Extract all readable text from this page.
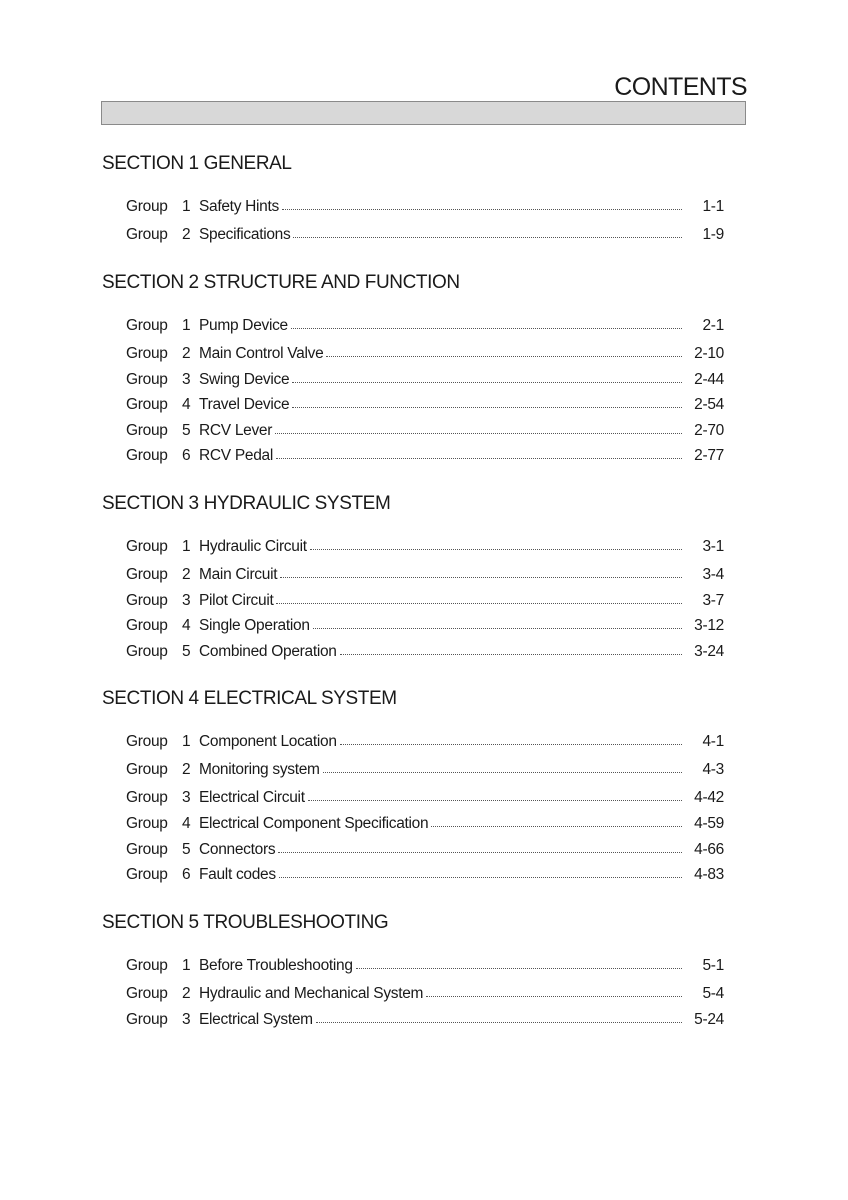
CONTENTS
SECTION 1 GENERAL
Group 1 Safety Hints	1-1
Group 2 Specifications	1-9
SECTION 2 STRUCTURE AND FUNCTION
Group 1 Pump Device	2-1
Group 2 Main Control Valve	2-10
Group 3 Swing Device	2-44
Group 4 Travel Device	2-54
Group 5 RCV Lever	2-70
Group 6 RCV Pedal	2-77
SECTION 3 HYDRAULIC SYSTEM
Group 1 Hydraulic Circuit	3-1
Group 2 Main Circuit	3-4
Group 3 Pilot Circuit	3-7
Group 4 Single Operation	3-12
Group 5 Combined Operation	3-24
SECTION 4 ELECTRICAL SYSTEM
Group 1 Component Location	4-1
Group 2 Monitoring system	4-3
Group 3 Electrical Circuit	4-42
Group 4 Electrical Component Specification	4-59
Group 5 Connectors	4-66
Group 6 Fault codes	4-83
SECTION 5 TROUBLESHOOTING
Group 1 Before Troubleshooting	5-1
Group 2 Hydraulic and Mechanical System	5-4
Group 3 Electrical System	5-24
